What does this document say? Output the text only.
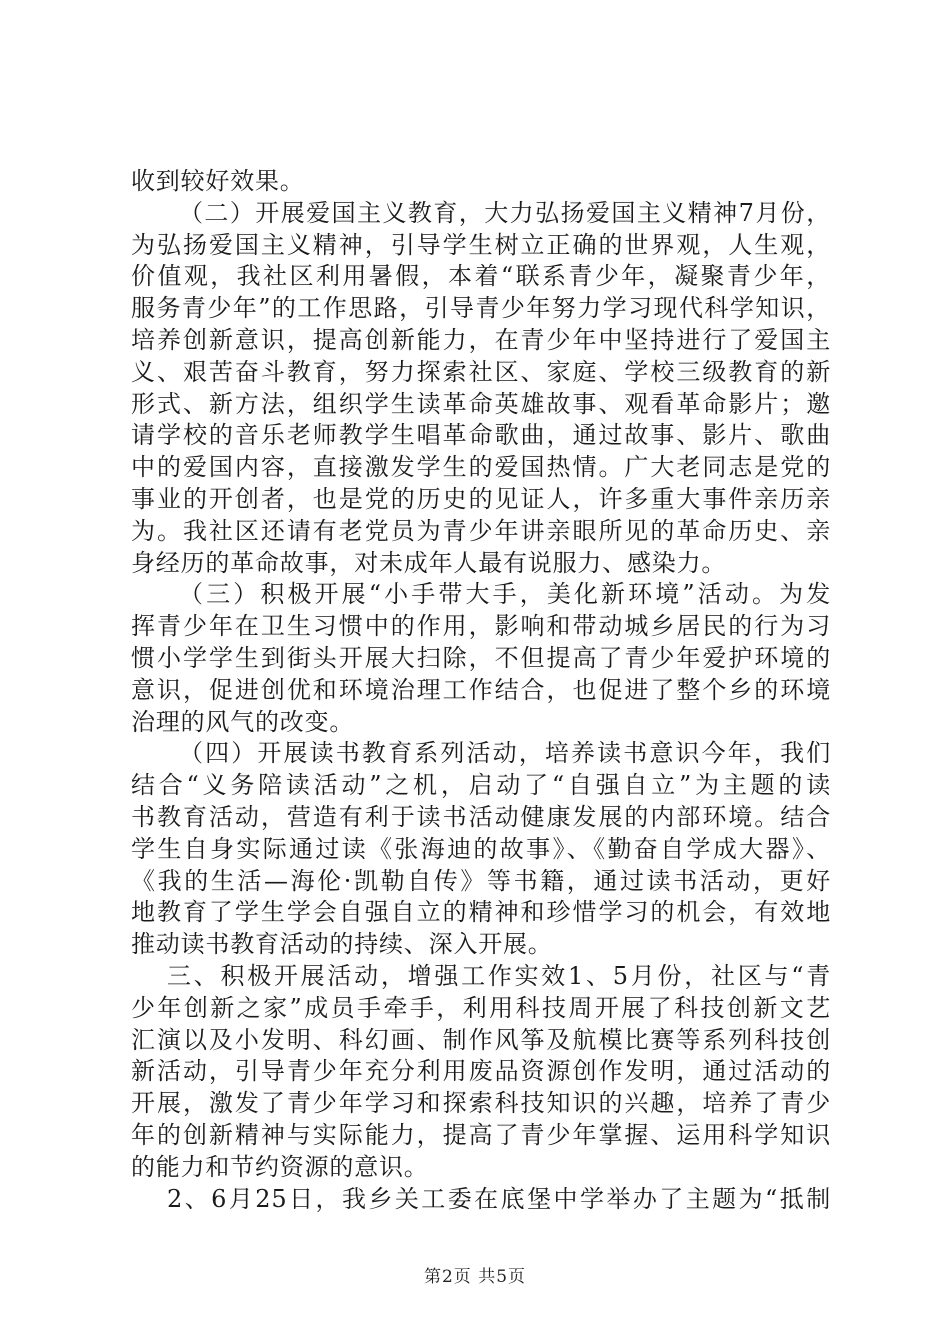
收到较好效果。
（二）开展爱国主义教育，大力弘扬爱国主义精神7月份，
为弘扬爱国主义精神，引导学生树立正确的世界观，人生观，
价值观，我社区利用暑假，本着“联系青少年，凝聚青少年，
服务青少年”的工作思路，引导青少年努力学习现代科学知识，
培养创新意识，提高创新能力，在青少年中坚持进行了爱国主
义、艰苦奋斗教育，努力探索社区、家庭、学校三级教育的新
形式、新方法，组织学生读革命英雄故事、观看革命影片；邀
请学校的音乐老师教学生唱革命歌曲，通过故事、影片、歌曲
中的爱国内容，直接激发学生的爱国热情。广大老同志是党的
事业的开创者，也是党的历史的见证人，许多重大事件亲历亲
为。我社区还请有老党员为青少年讲亲眼所见的革命历史、亲
身经历的革命故事，对未成年人最有说服力、感染力。
（三）积极开展“小手带大手，美化新环境”活动。为发
挥青少年在卫生习惯中的作用，影响和带动城乡居民的行为习
惯小学学生到街头开展大扫除，不但提高了青少年爱护环境的
意识，促进创优和环境治理工作结合，也促进了整个乡的环境
治理的风气的改变。
（四）开展读书教育系列活动，培养读书意识今年，我们
结合“义务陪读活动”之机，启动了“自强自立”为主题的读
书教育活动，营造有利于读书活动健康发展的内部环境。结合
学生自身实际通过读《张海迪的故事》、《勤奋自学成大器》、
《我的生活—海伦·凯勒自传》等书籍，通过读书活动，更好
地教育了学生学会自强自立的精神和珍惜学习的机会，有效地
推动读书教育活动的持续、深入开展。
三、积极开展活动，增强工作实效1、5月份，社区与“青
少年创新之家”成员手牵手，利用科技周开展了科技创新文艺
汇演以及小发明、科幻画、制作风筝及航模比赛等系列科技创
新活动，引导青少年充分利用废品资源创作发明，通过活动的
开展，激发了青少年学习和探索科技知识的兴趣，培养了青少
年的创新精神与实际能力，提高了青少年掌握、运用科学知识
的能力和节约资源的意识。
2、6月25日，我乡关工委在底堡中学举办了主题为“抵制
第2页 共5页
